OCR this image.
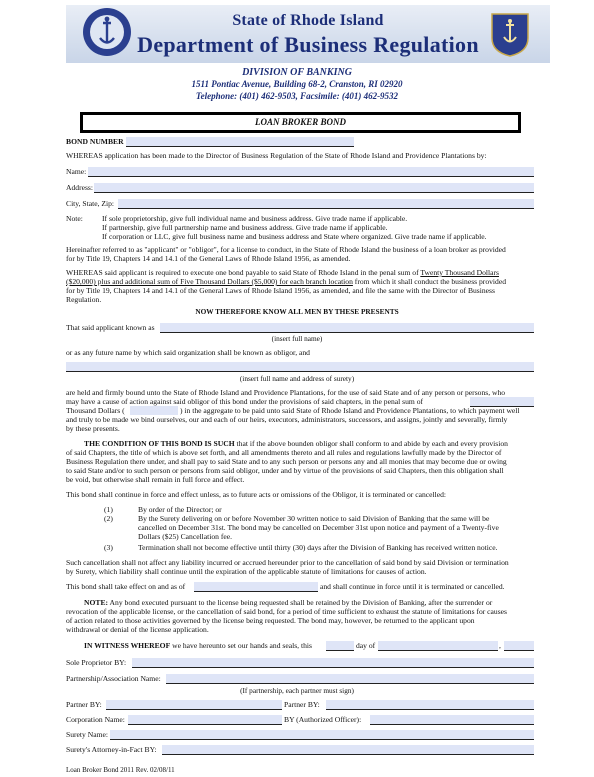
State of Rhode Island
Department of Business Regulation
DIVISION OF BANKING
1511 Pontiac Avenue, Building 68-2, Cranston, RI 02920
Telephone: (401) 462-9503, Facsimile: (401) 462-9532
LOAN BROKER BOND
BOND NUMBER
WHEREAS application has been made to the Director of Business Regulation of the State of Rhode Island and Providence Plantations by:
Name:
Address:
City, State, Zip:
Note:	If sole proprietorship, give full individual name and business address. Give trade name if applicable.
If partnership, give full partnership name and business address. Give trade name if applicable.
If corporation or LLC, give full business name and business address and State where organized. Give trade name if applicable.
Hereinafter referred to as "applicant" or "obligor", for a license to conduct, in the State of Rhode Island the business of a loan broker as provided
for by Title 19, Chapters 14 and 14.1 of the General Laws of Rhode Island 1956, as amended.
WHEREAS said applicant is required to execute one bond payable to said State of Rhode Island in the penal sum of Twenty Thousand Dollars
($20,000) plus and additional sum of Five Thousand Dollars ($5,000) for each branch location from which it shall conduct the business provided
for by Title 19, Chapters 14 and 14.1 of the General Laws of Rhode Island 1956, as amended, and file the same with the Director of Business
Regulation.
NOW THEREFORE KNOW ALL MEN BY THESE PRESENTS
That said applicant known as
(insert full name)
or as any future name by which said organization shall be known as obligor, and
(insert full name and address of surety)
are held and firmly bound unto the State of Rhode Island and Providence Plantations, for the use of said State and of any person or persons, who
may have a cause of action against said obligor of this bond under the provisions of said chapters, in the penal sum of
Thousand Dollars (	) in the aggregate to be paid unto said State of Rhode Island and Providence Plantations, to which payment well
and truly to be made we bind ourselves, our and each of our heirs, executors, administrators, successors, and assigns, jointly and severally, firmly
by these presents.
THE CONDITION OF THIS BOND IS SUCH that if the above bounden obligor shall conform to and abide by each and every provision
of said Chapters, the title of which is above set forth, and all amendments thereto and all rules and regulations lawfully made by the Director of
Business Regulation there under, and shall pay to said State and to any such person or persons any and all monies that may become due or owing
to said State and/or to such person or persons from said obligor, under and by virtue of the provisions of said Chapters, then this obligation shall
be void, but otherwise shall remain in full force and effect.
This bond shall continue in force and effect unless, as to future acts or omissions of the Obligor, it is terminated or cancelled:
(1)	By order of the Director; or
(2)	By the Surety delivering on or before November 30 written notice to said Division of Banking that the same will be
cancelled on December 31st. The bond may be cancelled on December 31st upon notice and payment of a Twenty-five
Dollars ($25) Cancellation fee.
(3)	Termination shall not become effective until thirty (30) days after the Division of Banking has received written notice.
Such cancellation shall not affect any liability incurred or accrued hereunder prior to the cancellation of said bond by said Division or termination
by Surety, which liability shall continue until the expiration of the applicable statute of limitations for causes of action.
This bond shall take effect on and as of	and shall continue in force until it is terminated or cancelled.
NOTE: Any bond executed pursuant to the license being requested shall be retained by the Division of Banking, after the surrender or
revocation of the applicable license, or the cancellation of said bond, for a period of time sufficient to exhaust the statute of limitations for causes
of action related to those activities governed by the license being requested. The bond may, however, be returned to the applicant upon
withdrawal or denial of the license application.
IN WITNESS WHEREOF we have hereunto set our hands and seals, this	day of	,
Sole Proprietor BY:
Partnership/Association Name:
(If partnership, each partner must sign)
Partner BY:	Partner BY:
Corporation Name:	BY (Authorized Officer):
Surety Name:
Surety's Attorney-in-Fact BY:
Loan Broker Bond 2011 Rev. 02/08/11
